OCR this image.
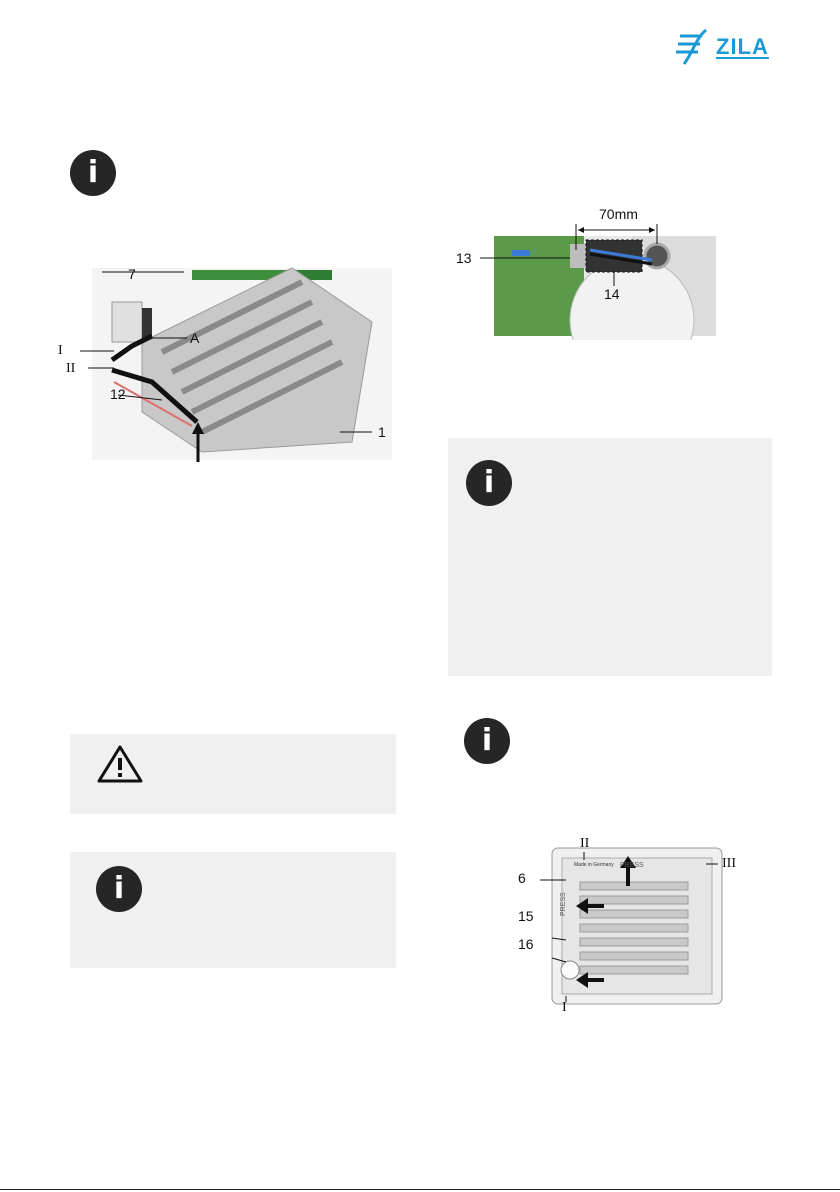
ZILA
i
7
A
I
II
12
1
70mm
13
14
i
i
i
II
III
6
15
16
I
Made in Germany PRESS
PRESS
